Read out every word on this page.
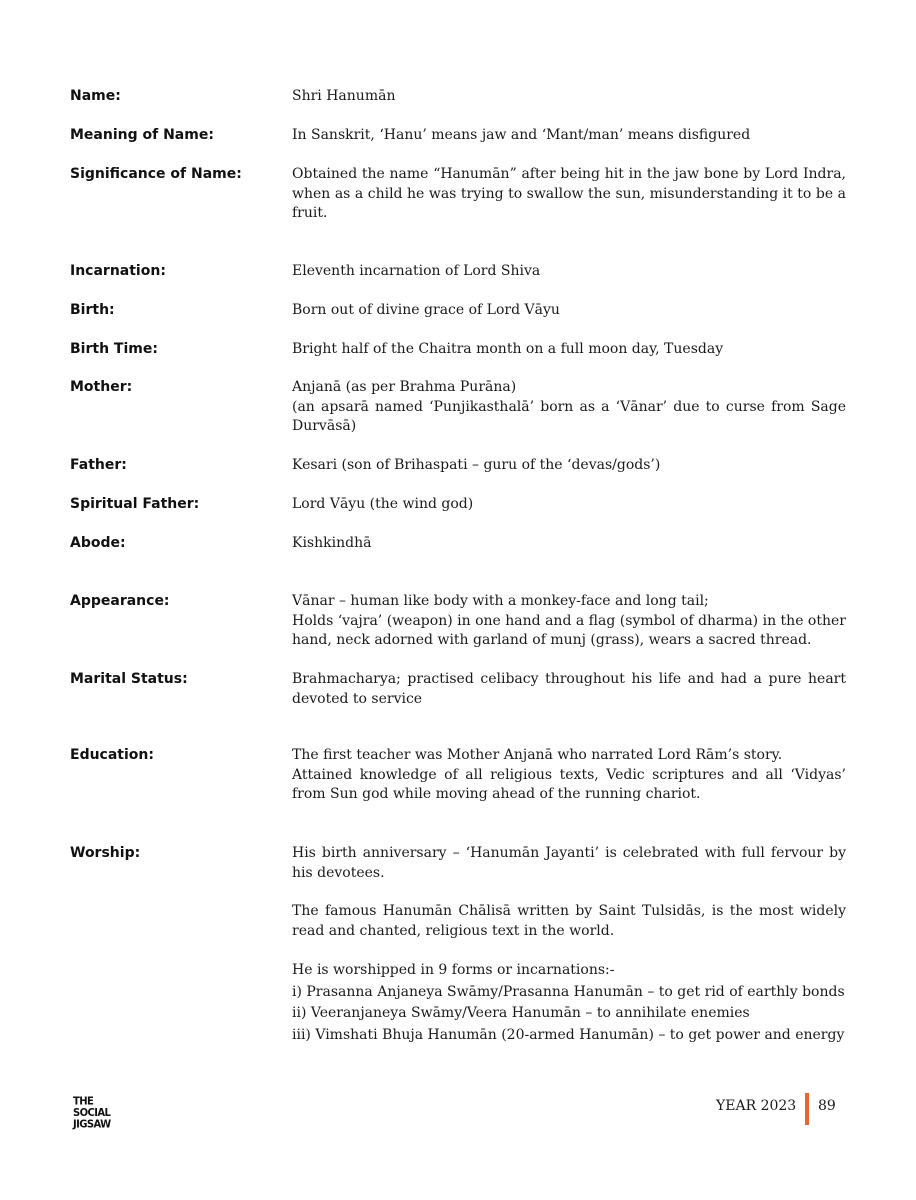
Name:	Shri Hanumān
Meaning of Name:	In Sanskrit, ‘Hanu’ means jaw and ‘Mant/man’ means disfigured
Significance of Name:	Obtained the name “Hanumān” after being hit in the jaw bone by Lord Indra, when as a child he was trying to swallow the sun, misunderstanding it to be a fruit.
Incarnation:	Eleventh incarnation of Lord Shiva
Birth:	Born out of divine grace of Lord Vāyu
Birth Time:	Bright half of the Chaitra month on a full moon day, Tuesday
Mother:	Anjanā (as per Brahma Purāna)
(an apsarā named ‘Punjikasthalā’ born as a ‘Vānar’ due to curse from Sage Durvāsā)
Father:	Kesari (son of Brihaspati – guru of the ‘devas/gods’)
Spiritual Father:	Lord Vāyu (the wind god)
Abode:	Kishkindhā
Appearance:	Vānar – human like body with a monkey-face and long tail;
Holds ‘vajra’ (weapon) in one hand and a flag (symbol of dharma) in the other hand, neck adorned with garland of munj (grass), wears a sacred thread.
Marital Status:	Brahmacharya; practised celibacy throughout his life and had a pure heart devoted to service
Education:	The first teacher was Mother Anjanā who narrated Lord Rām’s story.
Attained knowledge of all religious texts, Vedic scriptures and all ‘Vidyas’ from Sun god while moving ahead of the running chariot.
Worship:	His birth anniversary – ‘Hanumān Jayanti’ is celebrated with full fervour by his devotees.
The famous Hanumān Chālisā written by Saint Tulsidās, is the most widely read and chanted, religious text in the world.
He is worshipped in 9 forms or incarnations:-
i) Prasanna Anjaneya Swāmy/Prasanna Hanumān – to get rid of earthly bonds
ii) Veeranjaneya Swāmy/Veera Hanumān – to annihilate enemies
iii) Vimshati Bhuja Hanumān (20-armed Hanumān) – to get power and energy
THE
SOCIAL
JIGSAW
YEAR 2023 89
